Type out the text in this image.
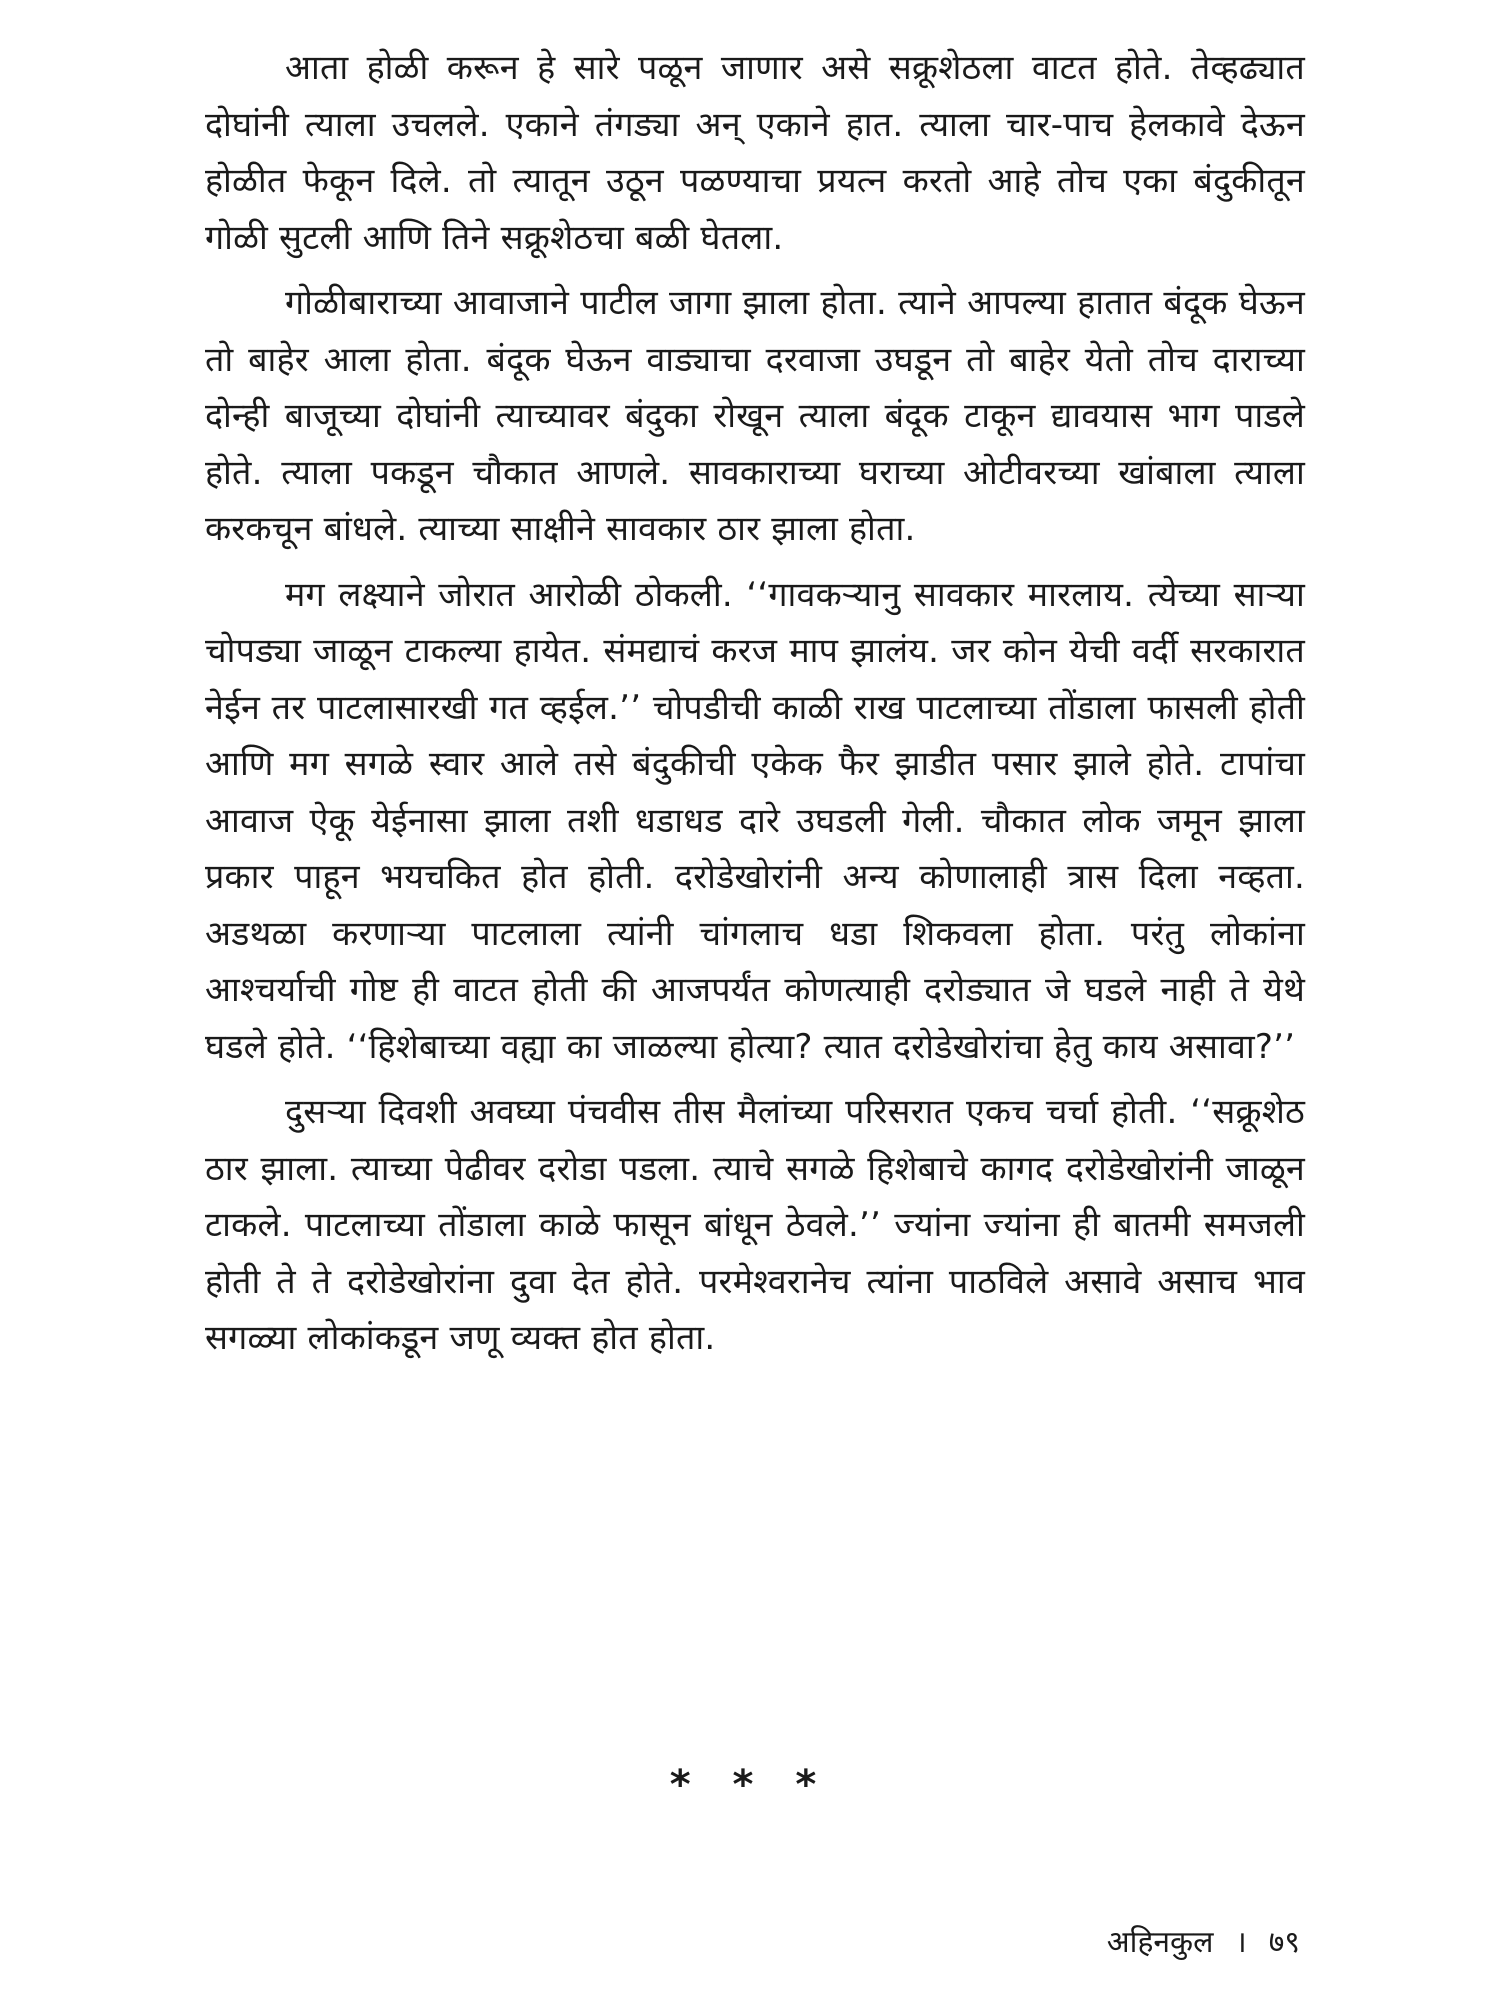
आता होळी करून हे सारे पळून जाणार असे सक्रूशेठला वाटत होते. तेव्हढ्यात दोघांनी त्याला उचलले. एकाने तंगड्या अन् एकाने हात. त्याला चार-पाच हेलकावे देऊन होळीत फेकून दिले. तो त्यातून उठून पळण्याचा प्रयत्न करतो आहे तोच एका बंदुकीतून गोळी सुटली आणि तिने सक्रूशेठचा बळी घेतला.

गोळीबाराच्या आवाजाने पाटील जागा झाला होता. त्याने आपल्या हातात बंदूक घेऊन तो बाहेर आला होता. बंदूक घेऊन वाड्याचा दरवाजा उघडून तो बाहेर येतो तोच दाराच्या दोन्ही बाजूच्या दोघांनी त्याच्यावर बंदुका रोखून त्याला बंदूक टाकून द्यावयास भाग पाडले होते. त्याला पकडून चौकात आणले. सावकाराच्या घराच्या ओटीवरच्या खांबाला त्याला करकचून बांधले. त्याच्या साक्षीने सावकार ठार झाला होता.

मग लक्ष्याने जोरात आरोळी ठोकली. ‘‘गावकऱ्यानु सावकार मारलाय. त्येच्या साऱ्या चोपड्या जाळून टाकल्या हायेत. संमद्याचं करज माप झालंय. जर कोन येची वर्दी सरकारात नेईन तर पाटलासारखी गत व्हईल.’’ चोपडीची काळी राख पाटलाच्या तोंडाला फासली होती आणि मग सगळे स्वार आले तसे बंदुकीची एकेक फैर झाडीत पसार झाले होते. टापांचा आवाज ऐकू येईनासा झाला तशी धडाधड दारे उघडली गेली. चौकात लोक जमून झाला प्रकार पाहून भयचकित होत होती. दरोडेखोरांनी अन्य कोणालाही त्रास दिला नव्हता. अडथळा करणाऱ्या पाटलाला त्यांनी चांगलाच धडा शिकवला होता. परंतु लोकांना आश्चर्याची गोष्ट ही वाटत होती की आजपर्यंत कोणत्याही दरोड्यात जे घडले नाही ते येथे घडले होते. ‘‘हिशेबाच्या वह्या का जाळल्या होत्या? त्यात दरोडेखोरांचा हेतु काय असावा?’’

दुसऱ्या दिवशी अवघ्या पंचवीस तीस मैलांच्या परिसरात एकच चर्चा होती. ‘‘सक्रूशेठ ठार झाला. त्याच्या पेढीवर दरोडा पडला. त्याचे सगळे हिशेबाचे कागद दरोडेखोरांनी जाळून टाकले. पाटलाच्या तोंडाला काळे फासून बांधून ठेवले.’’ ज्यांना ज्यांना ही बातमी समजली होती ते ते दरोडेखोरांना दुवा देत होते. परमेश्वरानेच त्यांना पाठविले असावे असाच भाव सगळ्या लोकांकडून जणू व्यक्त होत होता.

* * *
अहिनकुल । ७९
